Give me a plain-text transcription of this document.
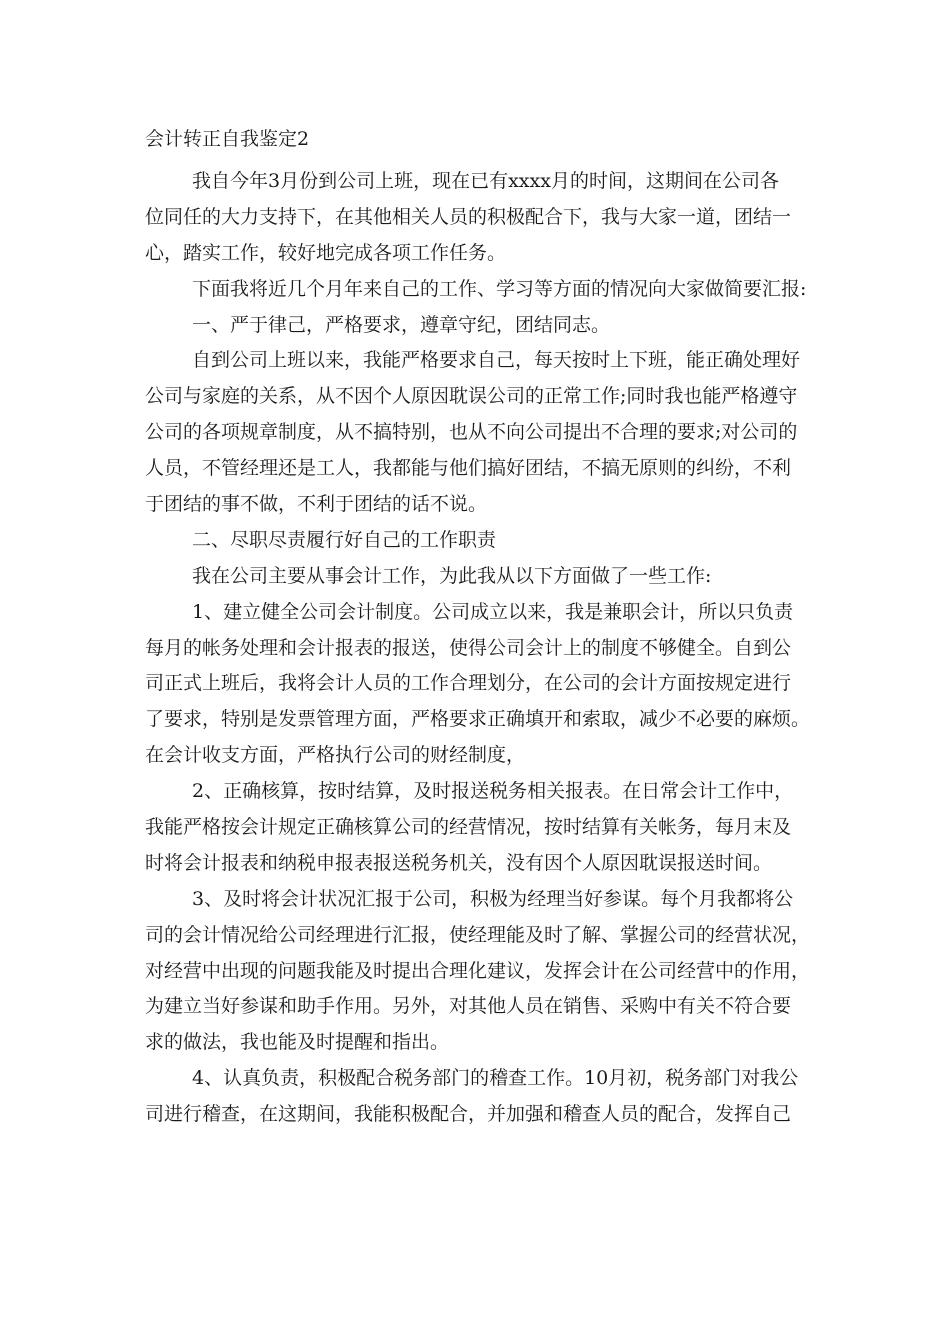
会计转正自我鉴定2
我自今年3月份到公司上班，现在已有xxxx月的时间，这期间在公司各
位同任的大力支持下，在其他相关人员的积极配合下，我与大家一道，团结一
心，踏实工作，较好地完成各项工作任务。
下面我将近几个月年来自己的工作、学习等方面的情况向大家做简要汇报:
一、严于律己，严格要求，遵章守纪，团结同志。
自到公司上班以来，我能严格要求自己，每天按时上下班，能正确处理好
公司与家庭的关系，从不因个人原因耽误公司的正常工作;同时我也能严格遵守
公司的各项规章制度，从不搞特别，也从不向公司提出不合理的要求;对公司的
人员，不管经理还是工人，我都能与他们搞好团结，不搞无原则的纠纷，不利
于团结的事不做，不利于团结的话不说。
二、尽职尽责履行好自己的工作职责
我在公司主要从事会计工作，为此我从以下方面做了一些工作:
1、建立健全公司会计制度。公司成立以来，我是兼职会计，所以只负责
每月的帐务处理和会计报表的报送，使得公司会计上的制度不够健全。自到公
司正式上班后，我将会计人员的工作合理划分，在公司的会计方面按规定进行
了要求，特别是发票管理方面，严格要求正确填开和索取，减少不必要的麻烦。
在会计收支方面，严格执行公司的财经制度，
2、正确核算，按时结算，及时报送税务相关报表。在日常会计工作中，
我能严格按会计规定正确核算公司的经营情况，按时结算有关帐务，每月末及
时将会计报表和纳税申报表报送税务机关，没有因个人原因耽误报送时间。
3、及时将会计状况汇报于公司，积极为经理当好参谋。每个月我都将公
司的会计情况给公司经理进行汇报，使经理能及时了解、掌握公司的经营状况，
对经营中出现的问题我能及时提出合理化建议，发挥会计在公司经营中的作用，
为建立当好参谋和助手作用。另外，对其他人员在销售、采购中有关不符合要
求的做法，我也能及时提醒和指出。
4、认真负责，积极配合税务部门的稽查工作。10月初，税务部门对我公
司进行稽查，在这期间，我能积极配合，并加强和稽查人员的配合，发挥自己
